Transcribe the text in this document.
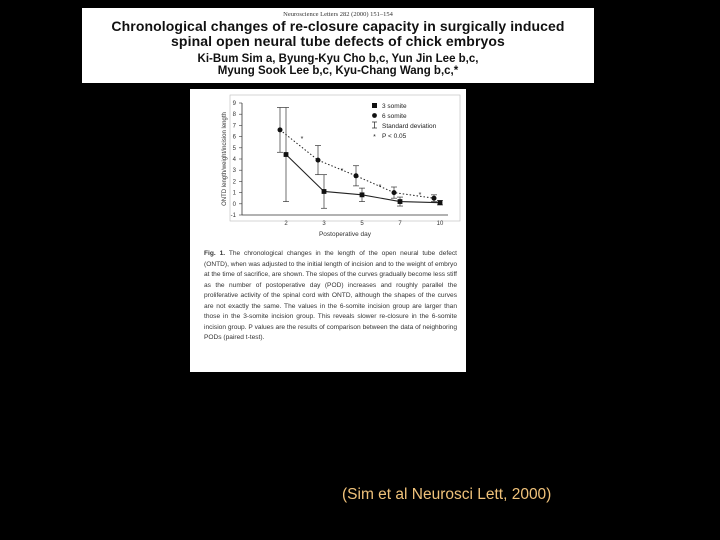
Neuroscience Letters 282 (2000) 151–154
Chronological changes of re-closure capacity in surgically induced
spinal open neural tube defects of chick embryos
Ki-Bum Sim a, Byung-Kyu Cho b,c, Yun Jin Lee b,c,
Myung Sook Lee b,c, Kyu-Chang Wang b,c,*
-1
0
1
2
3
4
5
6
7
8
9
2	3	5	7	10
Postoperative day
ONTD length/weight/incision length	*
*
*
*
*
3 somite
6 somite
Standard deviation
P < 0.05
Fig. 1. The chronological changes in the length of the open neural tube defect (ONTD), when was adjusted to the initial length of incision and to the weight of embryo at the time of sacrifice, are shown. The slopes of the curves gradually become less stiff as the number of postoperative day (POD) increases and roughly parallel the proliferative activity of the spinal cord with ONTD, although the shapes of the curves are not exactly the same. The values in the 6-somite incision group are larger than those in the 3-somite incision group. This reveals slower re-closure in the 6-somite incision group. P values are the results of comparison between the data of neighboring PODs (paired t-test).
(Sim et al Neurosci Lett, 2000)
